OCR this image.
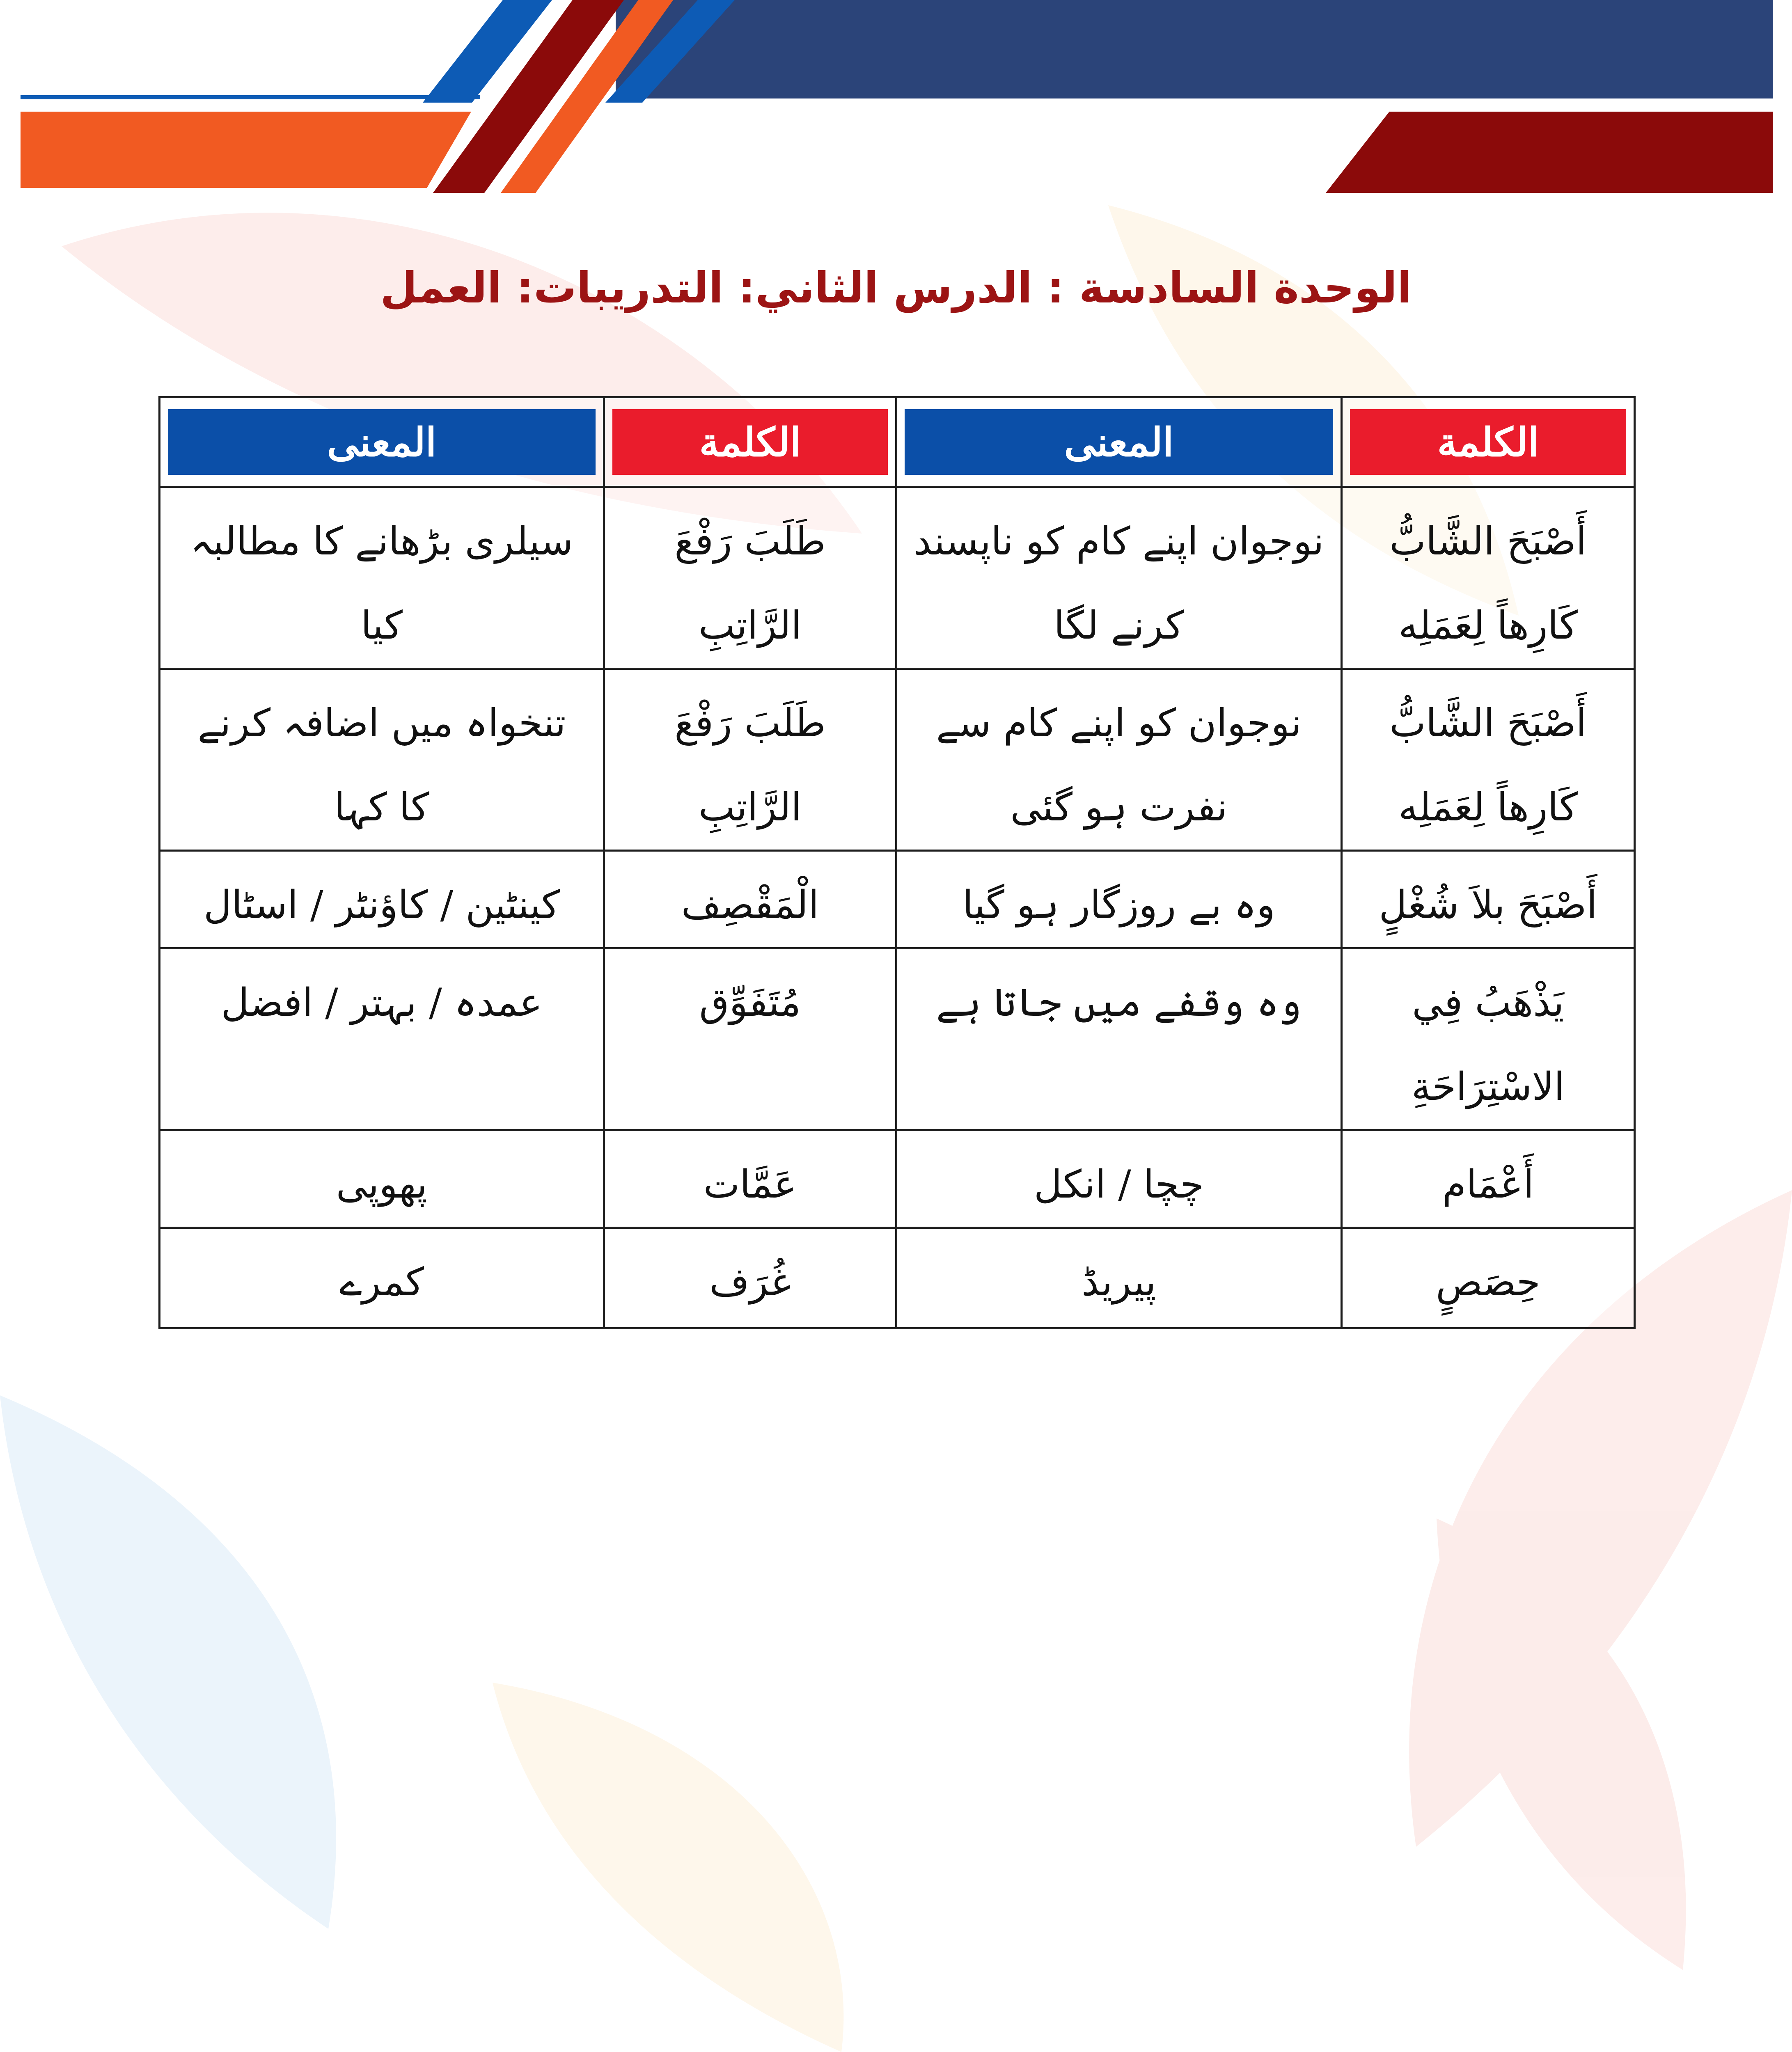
الوحدة السادسة : الدرس الثاني: التدريبات: العمل
الكلمة	المعنى	الكلمة	المعنى

أَصْبَحَ الشَّابُّ كَارِهاً لِعَمَلِه	نوجوان اپنے کام کو ناپسند کرنے لگا	طَلَبَ رَفْعَ الرَّاتِبِ	سیلری بڑھانے کا مطالبہ کیا

أَصْبَحَ الشَّابُّ كَارِهاً لِعَمَلِه	نوجوان کو اپنے کام سے نفرت ہو گئی	طَلَبَ رَفْعَ الرَّاتِبِ	تنخواہ میں اضافہ کرنے کا کہا

أَصْبَحَ بلاَ شُغْلٍ	وہ بے روزگار ہو گیا	الْمَقْصِف	کینٹین / کاؤنٹر / اسٹال

يَذْهَبُ فِي الاسْتِرَاحَةِ	وہ وقفے میں جاتا ہے	مُتَفَوِّق	عمدہ / بہتر / افضل

أَعْمَام	چچا / انکل	عَمَّات	پھوپی

حِصَصٍ	پیریڈ	غُرَف	کمرے
